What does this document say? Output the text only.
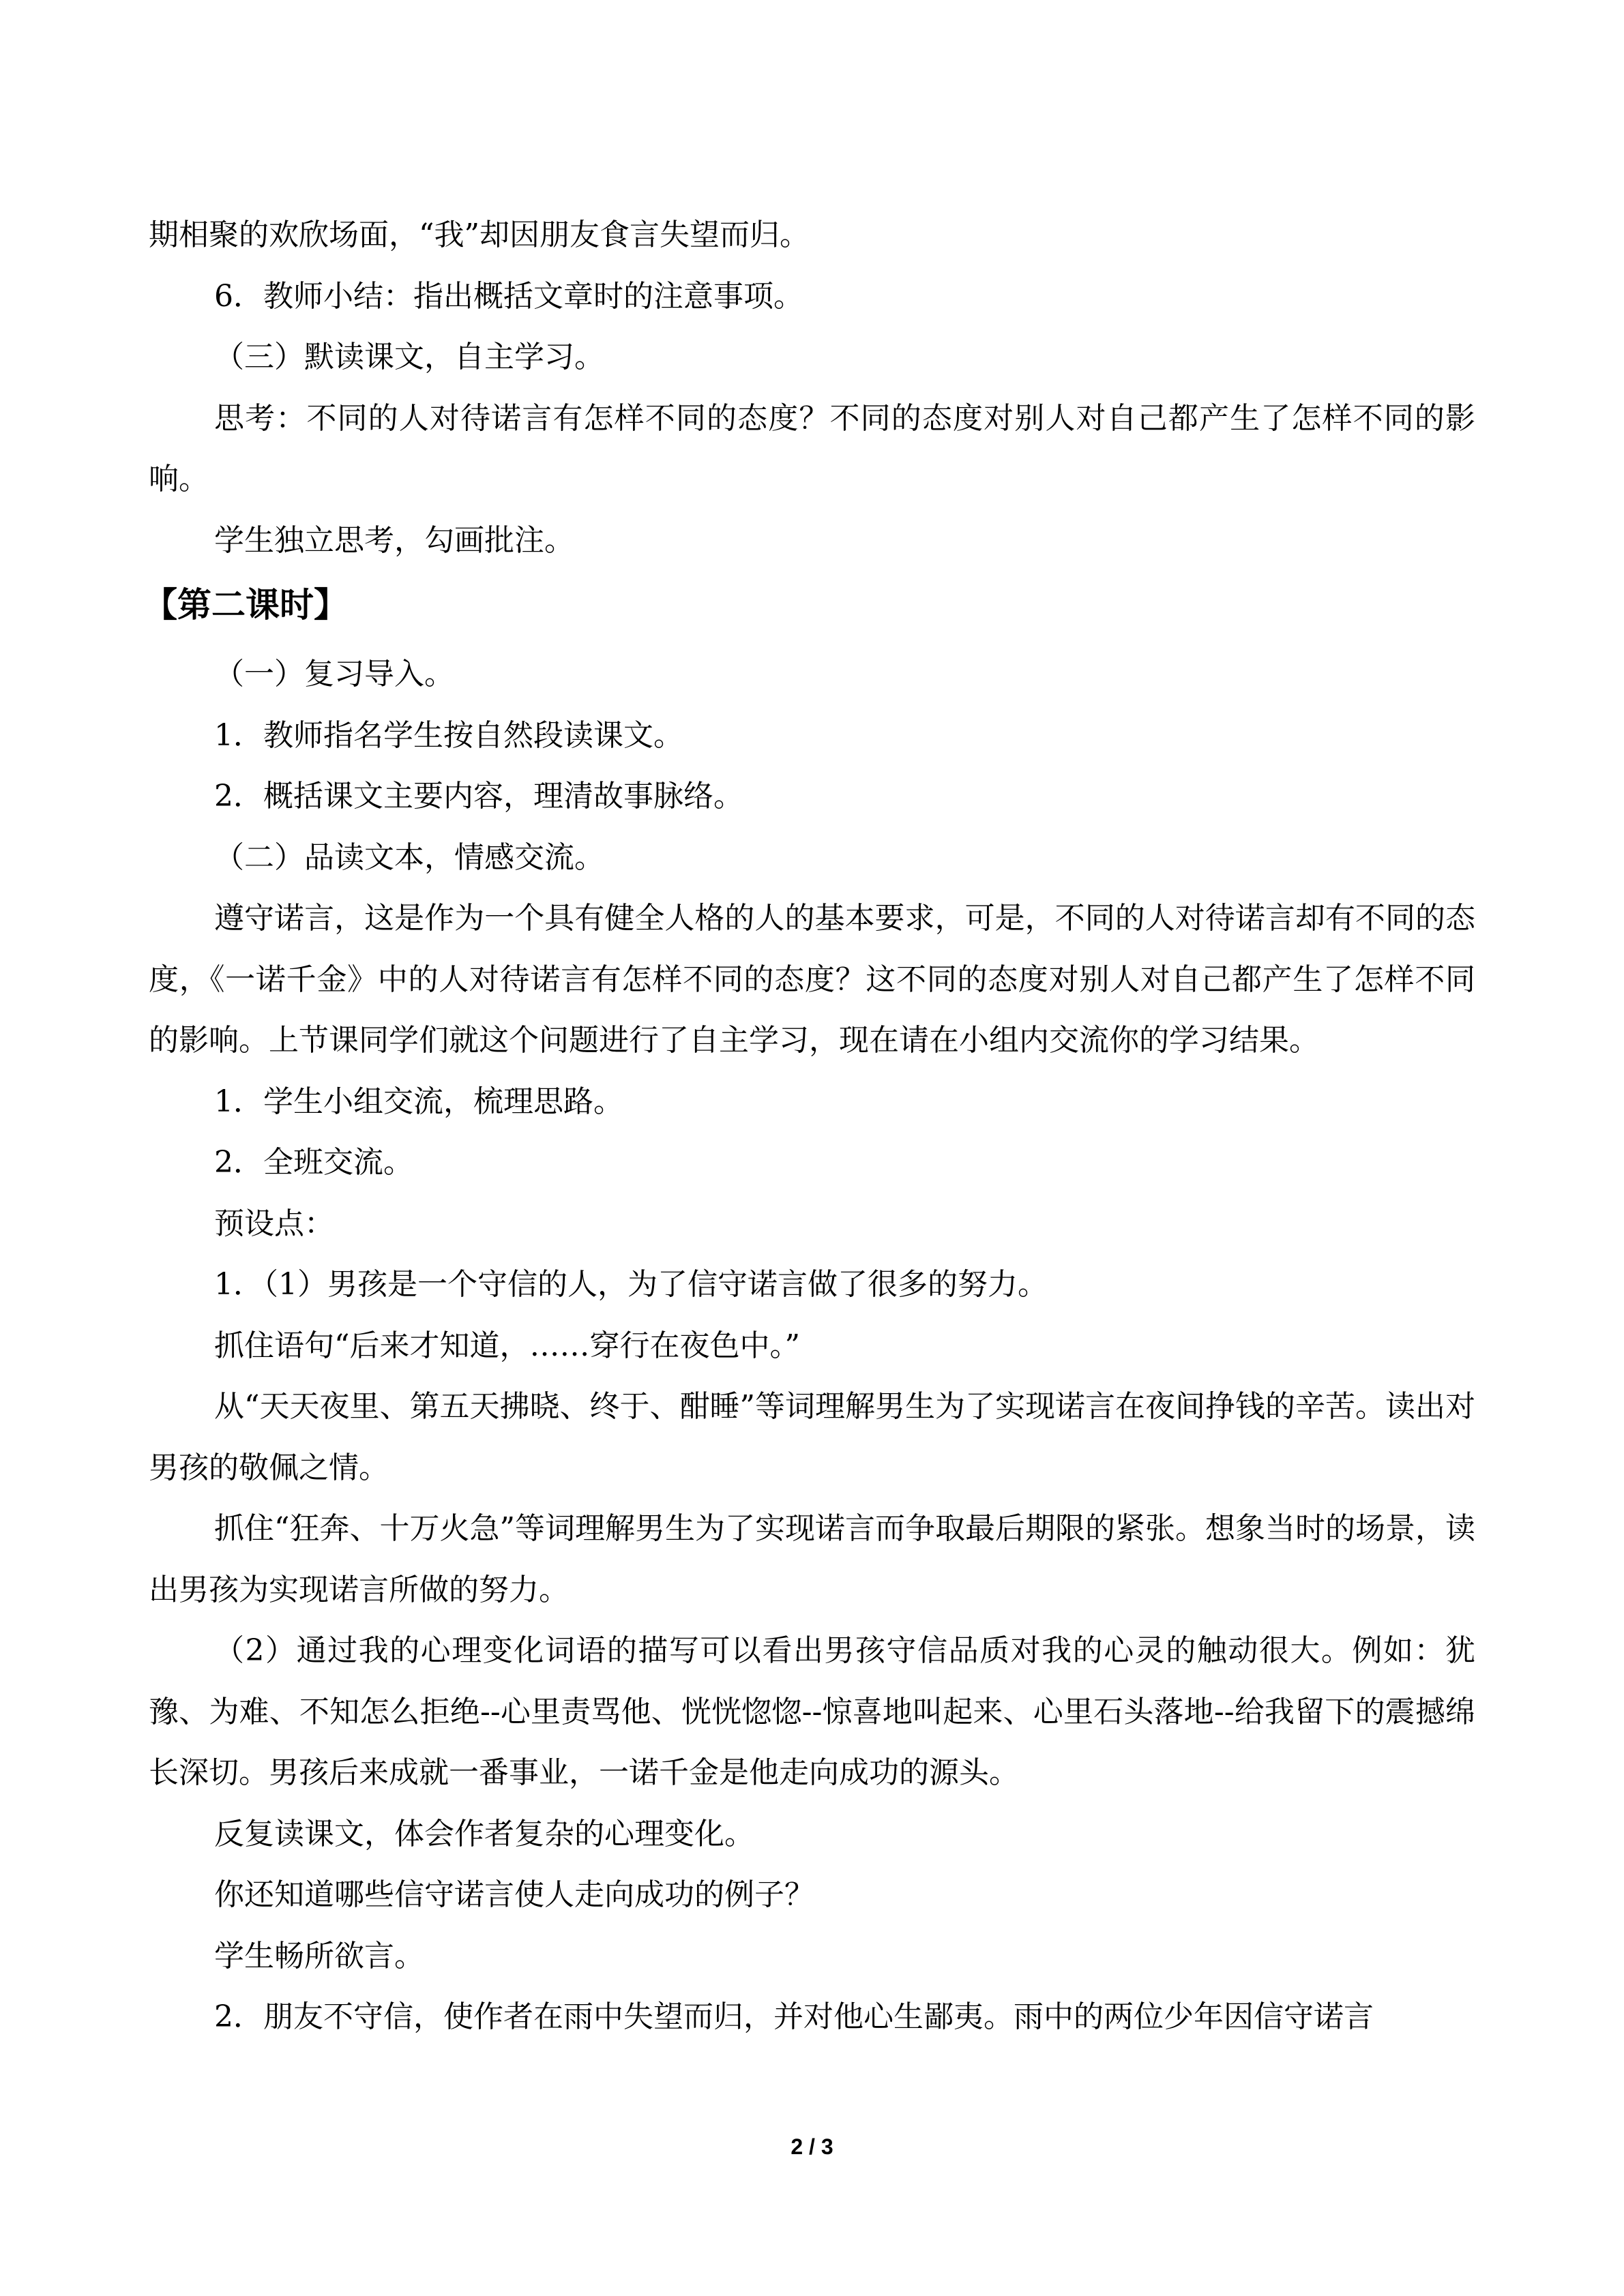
期相聚的欢欣场面，“我”却因朋友食言失望而归。

6．教师小结：指出概括文章时的注意事项。

（三）默读课文，自主学习。

思考：不同的人对待诺言有怎样不同的态度？不同的态度对别人对自己都产生了怎样不同的影响。

学生独立思考，勾画批注。

【第二课时】

（一）复习导入。

1．教师指名学生按自然段读课文。

2．概括课文主要内容，理清故事脉络。

（二）品读文本，情感交流。

遵守诺言，这是作为一个具有健全人格的人的基本要求，可是，不同的人对待诺言却有不同的态度，《一诺千金》中的人对待诺言有怎样不同的态度？这不同的态度对别人对自己都产生了怎样不同的影响。上节课同学们就这个问题进行了自主学习，现在请在小组内交流你的学习结果。

1．学生小组交流，梳理思路。

2．全班交流。

预设点：

1．（1）男孩是一个守信的人，为了信守诺言做了很多的努力。

抓住语句“后来才知道，……穿行在夜色中。”

从“天天夜里、第五天拂晓、终于、酣睡”等词理解男生为了实现诺言在夜间挣钱的辛苦。读出对男孩的敬佩之情。

抓住“狂奔、十万火急”等词理解男生为了实现诺言而争取最后期限的紧张。想象当时的场景，读出男孩为实现诺言所做的努力。

（2）通过我的心理变化词语的描写可以看出男孩守信品质对我的心灵的触动很大。例如：犹豫、为难、不知怎么拒绝--心里责骂他、恍恍惚惚--惊喜地叫起来、心里石头落地--给我留下的震撼绵长深切。男孩后来成就一番事业，一诺千金是他走向成功的源头。

反复读课文，体会作者复杂的心理变化。

你还知道哪些信守诺言使人走向成功的例子？

学生畅所欲言。

2．朋友不守信，使作者在雨中失望而归，并对他心生鄙夷。雨中的两位少年因信守诺言

2 / 3
